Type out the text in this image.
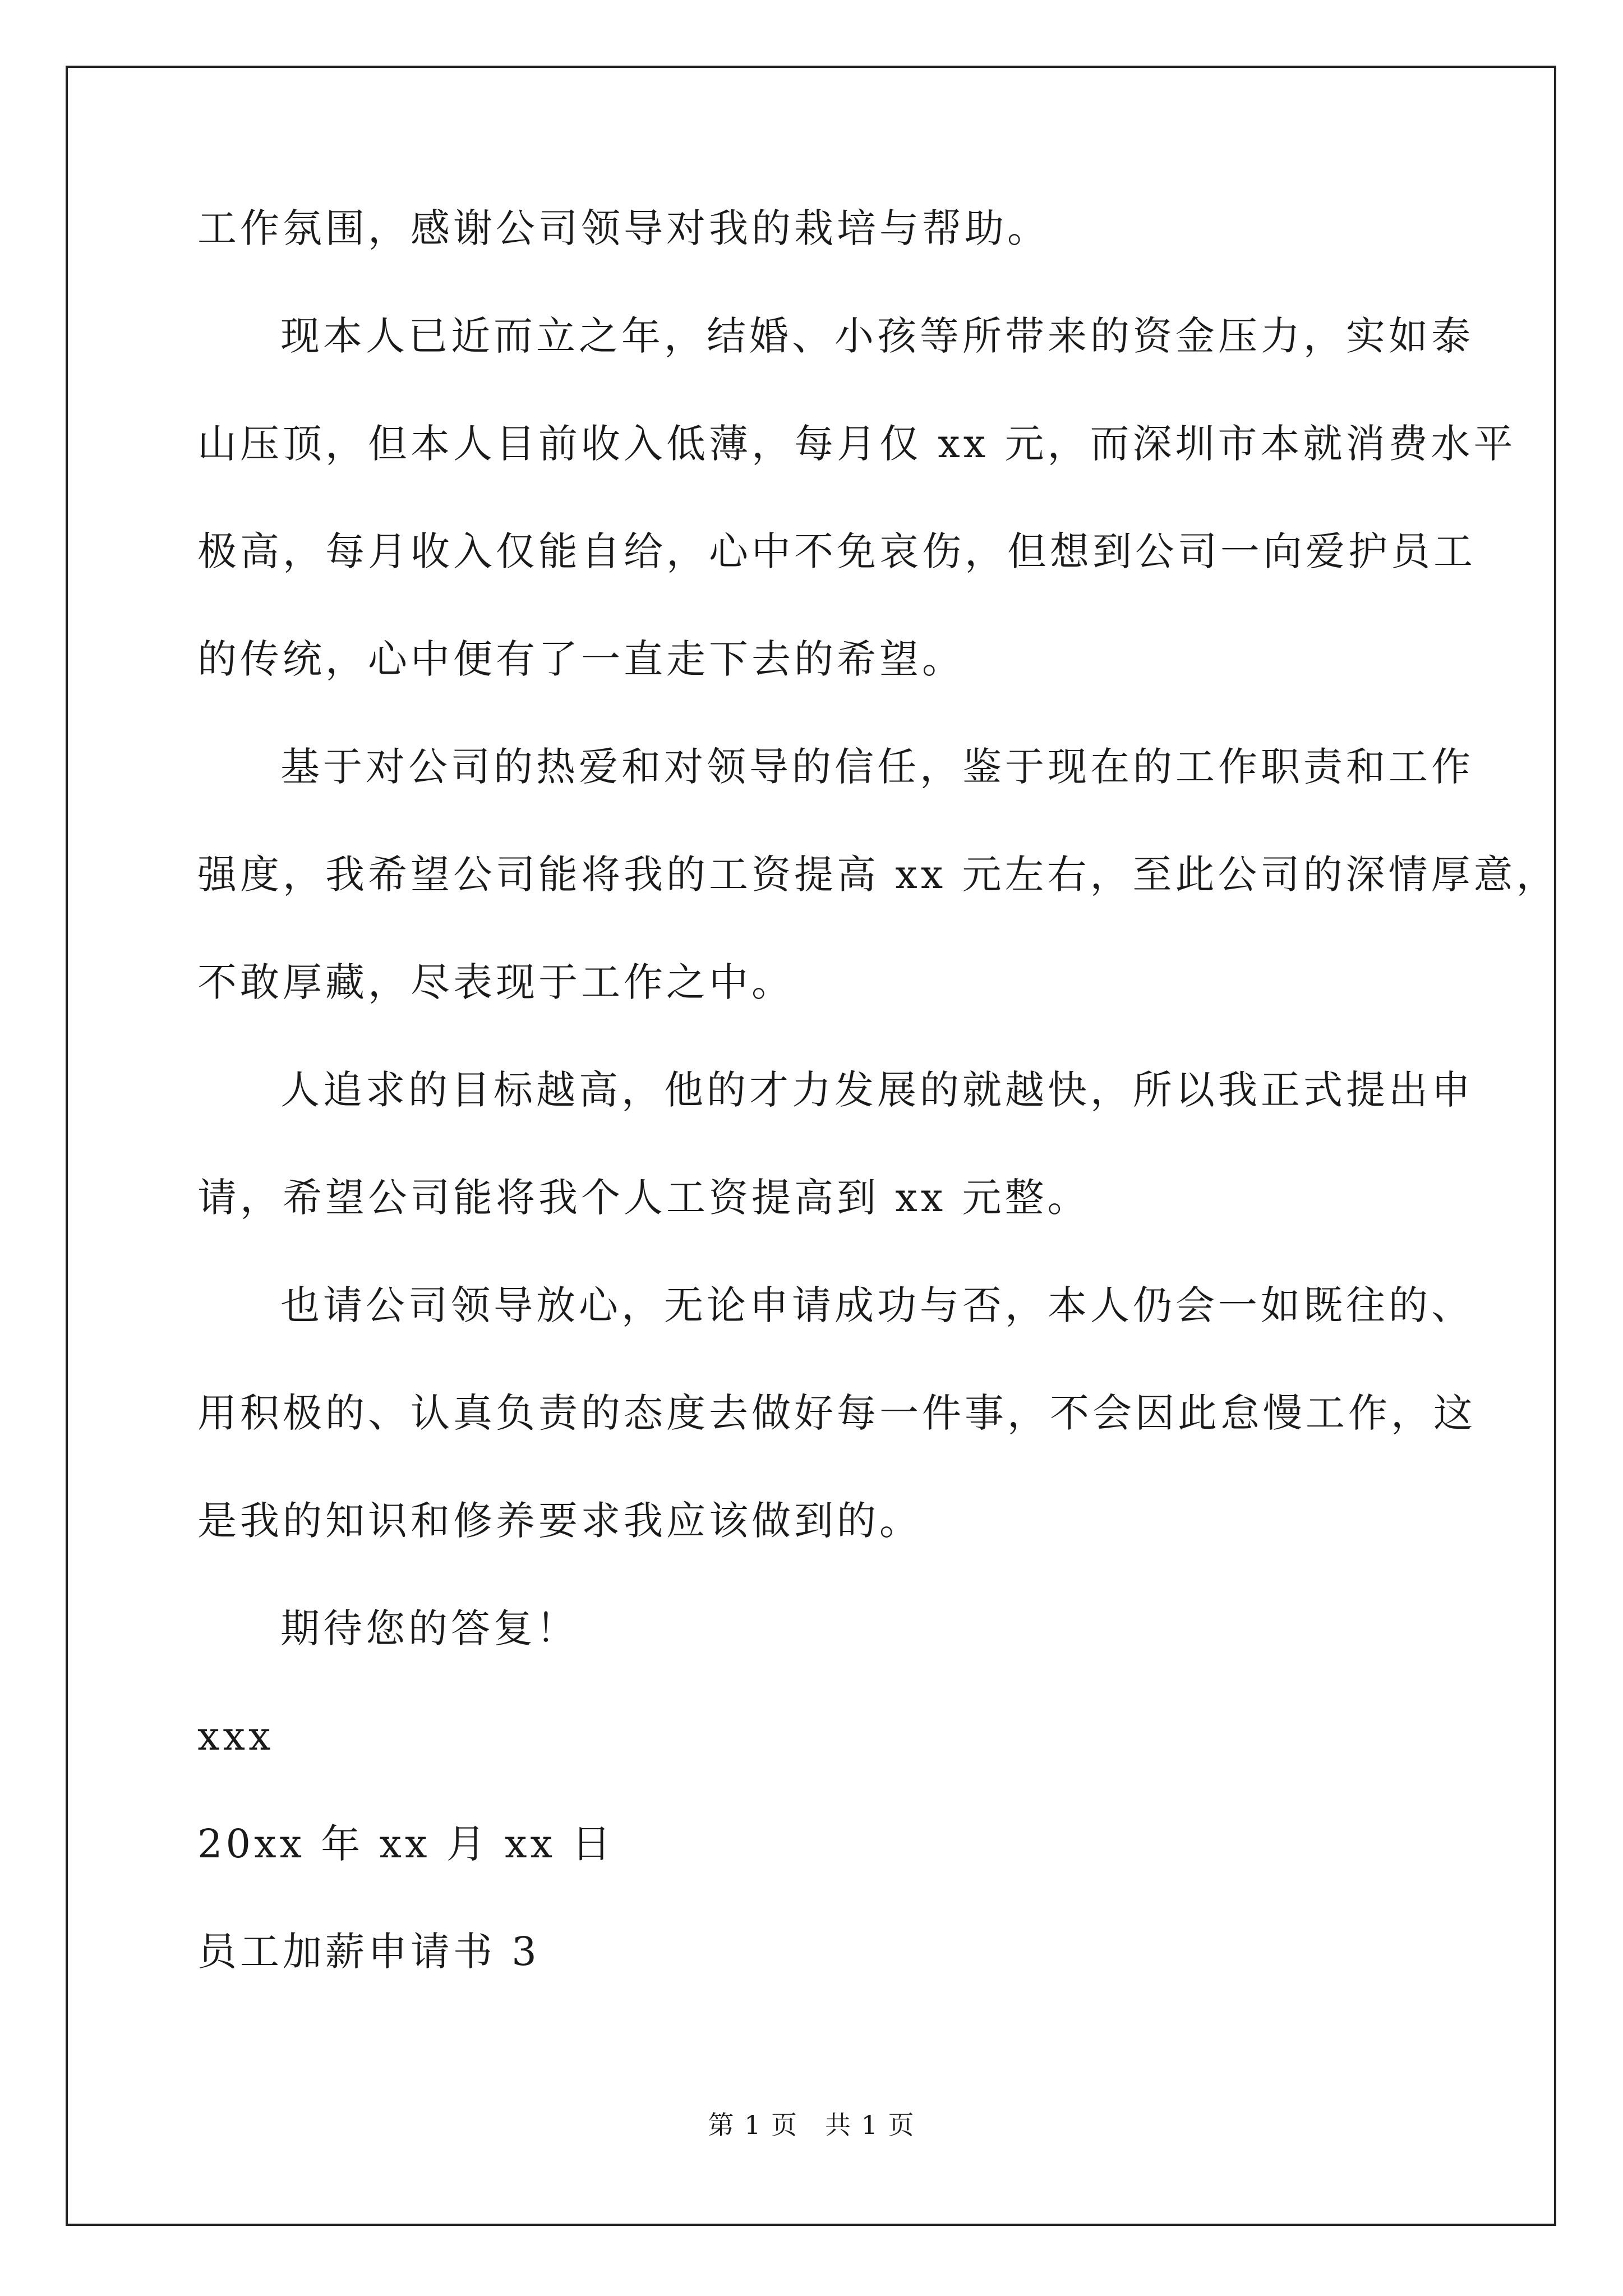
工作氛围，感谢公司领导对我的栽培与帮助。
现本人已近而立之年，结婚、小孩等所带来的资金压力，实如泰
山压顶，但本人目前收入低薄，每月仅 xx 元，而深圳市本就消费水平
极高，每月收入仅能自给，心中不免哀伤，但想到公司一向爱护员工
的传统，心中便有了一直走下去的希望。
基于对公司的热爱和对领导的信任，鉴于现在的工作职责和工作
强度，我希望公司能将我的工资提高 xx 元左右，至此公司的深情厚意，
不敢厚藏，尽表现于工作之中。
人追求的目标越高，他的才力发展的就越快，所以我正式提出申
请，希望公司能将我个人工资提高到 xx 元整。
也请公司领导放心，无论申请成功与否，本人仍会一如既往的、
用积极的、认真负责的态度去做好每一件事，不会因此怠慢工作，这
是我的知识和修养要求我应该做到的。
期待您的答复！
xxx
20xx 年 xx 月 xx 日
员工加薪申请书 3
第 1 页　共 1 页
